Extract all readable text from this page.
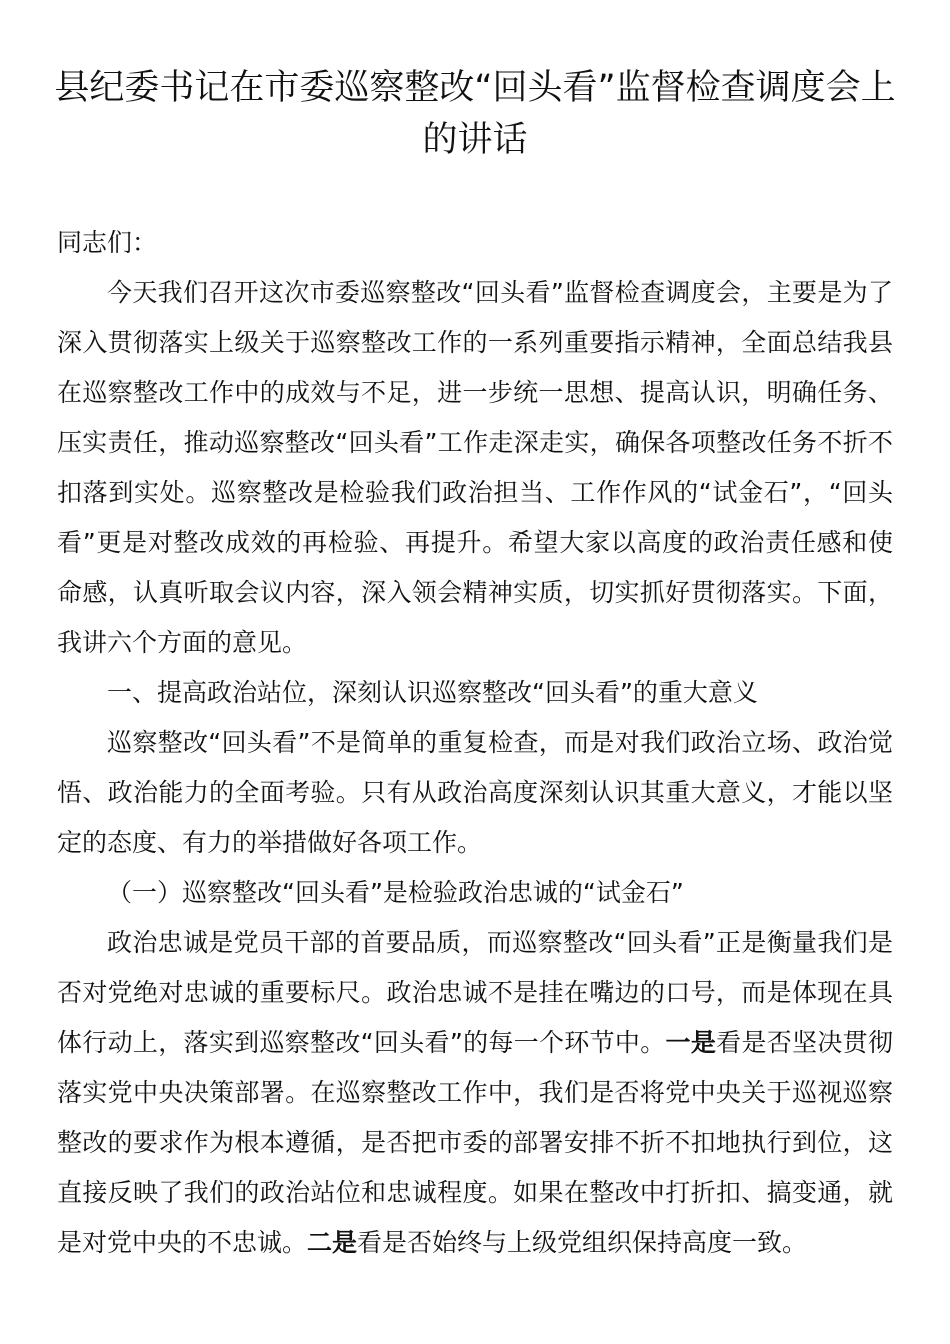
县纪委书记在市委巡察整改“回头看”监督检查调度会上的讲话

同志们：

今天我们召开这次市委巡察整改“回头看”监督检查调度会，主要是为了深入贯彻落实上级关于巡察整改工作的一系列重要指示精神，全面总结我县在巡察整改工作中的成效与不足，进一步统一思想、提高认识，明确任务、压实责任，推动巡察整改“回头看”工作走深走实，确保各项整改任务不折不扣落到实处。巡察整改是检验我们政治担当、工作作风的“试金石”，“回头看”更是对整改成效的再检验、再提升。希望大家以高度的政治责任感和使命感，认真听取会议内容，深入领会精神实质，切实抓好贯彻落实。下面，我讲六个方面的意见。

一、提高政治站位，深刻认识巡察整改“回头看”的重大意义

巡察整改“回头看”不是简单的重复检查，而是对我们政治立场、政治觉悟、政治能力的全面考验。只有从政治高度深刻认识其重大意义，才能以坚定的态度、有力的举措做好各项工作。

（一）巡察整改“回头看”是检验政治忠诚的“试金石”

政治忠诚是党员干部的首要品质，而巡察整改“回头看”正是衡量我们是否对党绝对忠诚的重要标尺。政治忠诚不是挂在嘴边的口号，而是体现在具体行动上，落实到巡察整改“回头看”的每一个环节中。一是看是否坚决贯彻落实党中央决策部署。在巡察整改工作中，我们是否将党中央关于巡视巡察整改的要求作为根本遵循，是否把市委的部署安排不折不扣地执行到位，这直接反映了我们的政治站位和忠诚程度。如果在整改中打折扣、搞变通，就是对党中央的不忠诚。二是看是否始终与上级党组织保持高度一致。
